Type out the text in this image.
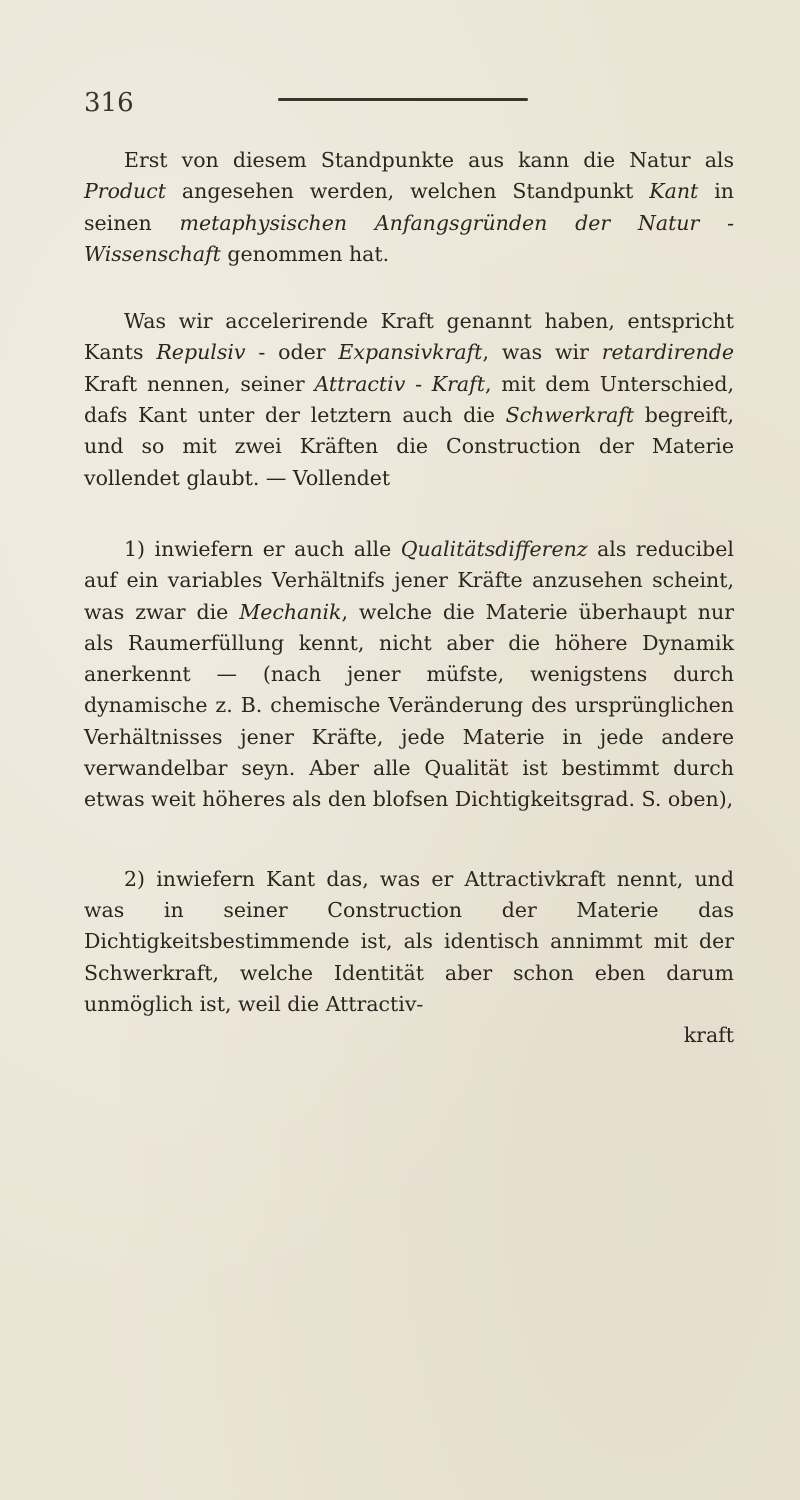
316

Erst von diesem Standpunkte aus kann die Natur als Product angesehen werden, welchen Standpunkt Kant in seinen metaphysischen Anfangsgründen der Natur - Wissenschaft genommen hat.

Was wir accelerirende Kraft genannt haben, entspricht Kants Repulsiv - oder Expansivkraft, was wir retardirende Kraft nennen, seiner Attractiv - Kraft, mit dem Unterschied, dafs Kant unter der letztern auch die Schwerkraft begreift, und so mit zwei Kräften die Construction der Materie vollendet glaubt. — Vollendet

1) inwiefern er auch alle Qualitätsdifferenz als reducibel auf ein variables Verhältnifs jener Kräfte anzusehen scheint, was zwar die Mechanik, welche die Materie überhaupt nur als Raumerfüllung kennt, nicht aber die höhere Dynamik anerkennt — (nach jener müfste, wenigstens durch dynamische z. B. chemische Veränderung des ursprünglichen Verhältnisses jener Kräfte, jede Materie in jede andere verwandelbar seyn. Aber alle Qualität ist bestimmt durch etwas weit höheres als den blofsen Dichtigkeitsgrad. S. oben),

2) inwiefern Kant das, was er Attractivkraft nennt, und was in seiner Construction der Materie das Dichtigkeitsbestimmende ist, als identisch annimmt mit der Schwerkraft, welche Identität aber schon eben darum unmöglich ist, weil die Attractiv-

kraft
